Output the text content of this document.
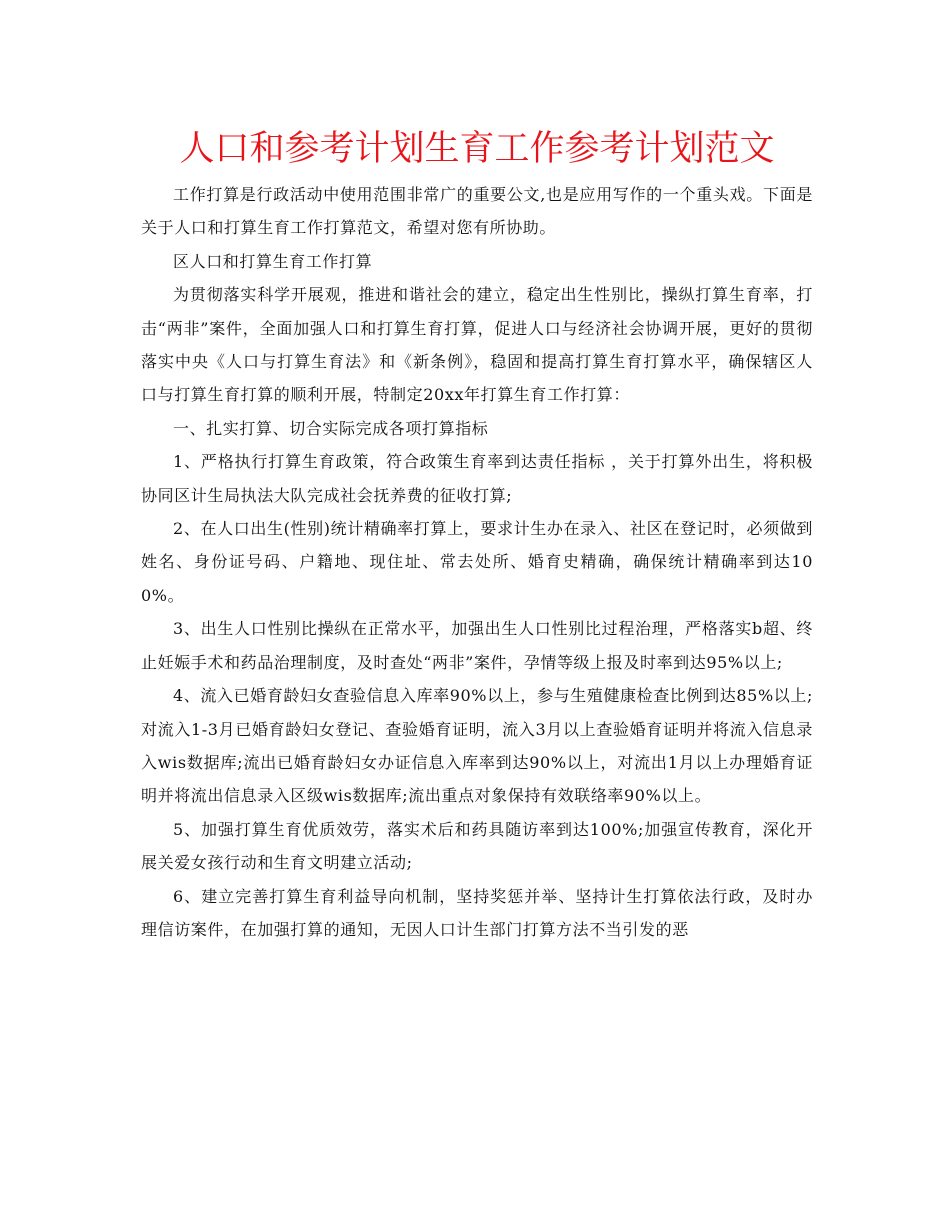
人口和参考计划生育工作参考计划范文

工作打算是行政活动中使用范围非常广的重要公文,也是应用写作的一个重头戏。下面是关于人口和打算生育工作打算范文，希望对您有所协助。

区人口和打算生育工作打算

为贯彻落实科学开展观，推进和谐社会的建立，稳定出生性别比，操纵打算生育率，打击“两非”案件，全面加强人口和打算生育打算，促进人口与经济社会协调开展，更好的贯彻落实中央《人口与打算生育法》和《新条例》，稳固和提高打算生育打算水平，确保辖区人口与打算生育打算的顺利开展，特制定20xx年打算生育工作打算：

一、扎实打算、切合实际完成各项打算指标

1、严格执行打算生育政策，符合政策生育率到达责任指标 ，关于打算外出生，将积极协同区计生局执法大队完成社会抚养费的征收打算;

2、在人口出生(性别)统计精确率打算上，要求计生办在录入、社区在登记时，必须做到姓名、身份证号码、户籍地、现住址、常去处所、婚育史精确，确保统计精确率到达100%。

3、出生人口性别比操纵在正常水平，加强出生人口性别比过程治理，严格落实b超、终止妊娠手术和药品治理制度，及时查处“两非”案件，孕情等级上报及时率到达95%以上;

4、流入已婚育龄妇女查验信息入库率90%以上，参与生殖健康检查比例到达85%以上;对流入1-3月已婚育龄妇女登记、查验婚育证明，流入3月以上查验婚育证明并将流入信息录入wis数据库;流出已婚育龄妇女办证信息入库率到达90%以上，对流出1月以上办理婚育证明并将流出信息录入区级wis数据库;流出重点对象保持有效联络率90%以上。

5、加强打算生育优质效劳，落实术后和药具随访率到达100%;加强宣传教育，深化开展关爱女孩行动和生育文明建立活动;

6、建立完善打算生育利益导向机制，坚持奖惩并举、坚持计生打算依法行政，及时办理信访案件，在加强打算的通知，无因人口计生部门打算方法不当引发的恶
